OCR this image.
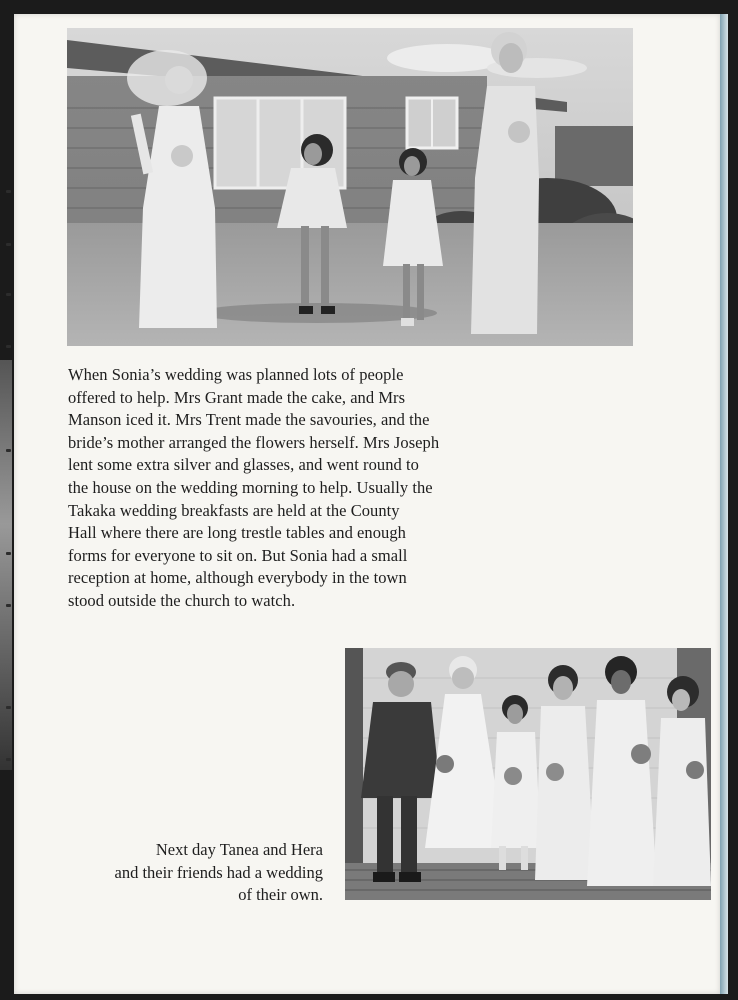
When Sonia’s wedding was planned lots of people
offered to help. Mrs Grant made the cake, and Mrs
Manson iced it. Mrs Trent made the savouries, and the
bride’s mother arranged the flowers herself. Mrs Joseph
lent some extra silver and glasses, and went round to
the house on the wedding morning to help. Usually the
Takaka wedding breakfasts are held at the County
Hall where there are long trestle tables and enough
forms for everyone to sit on. But Sonia had a small
reception at home, although everybody in the town
stood outside the church to watch.
Next day Tanea and Hera
and their friends had a wedding
of their own.
